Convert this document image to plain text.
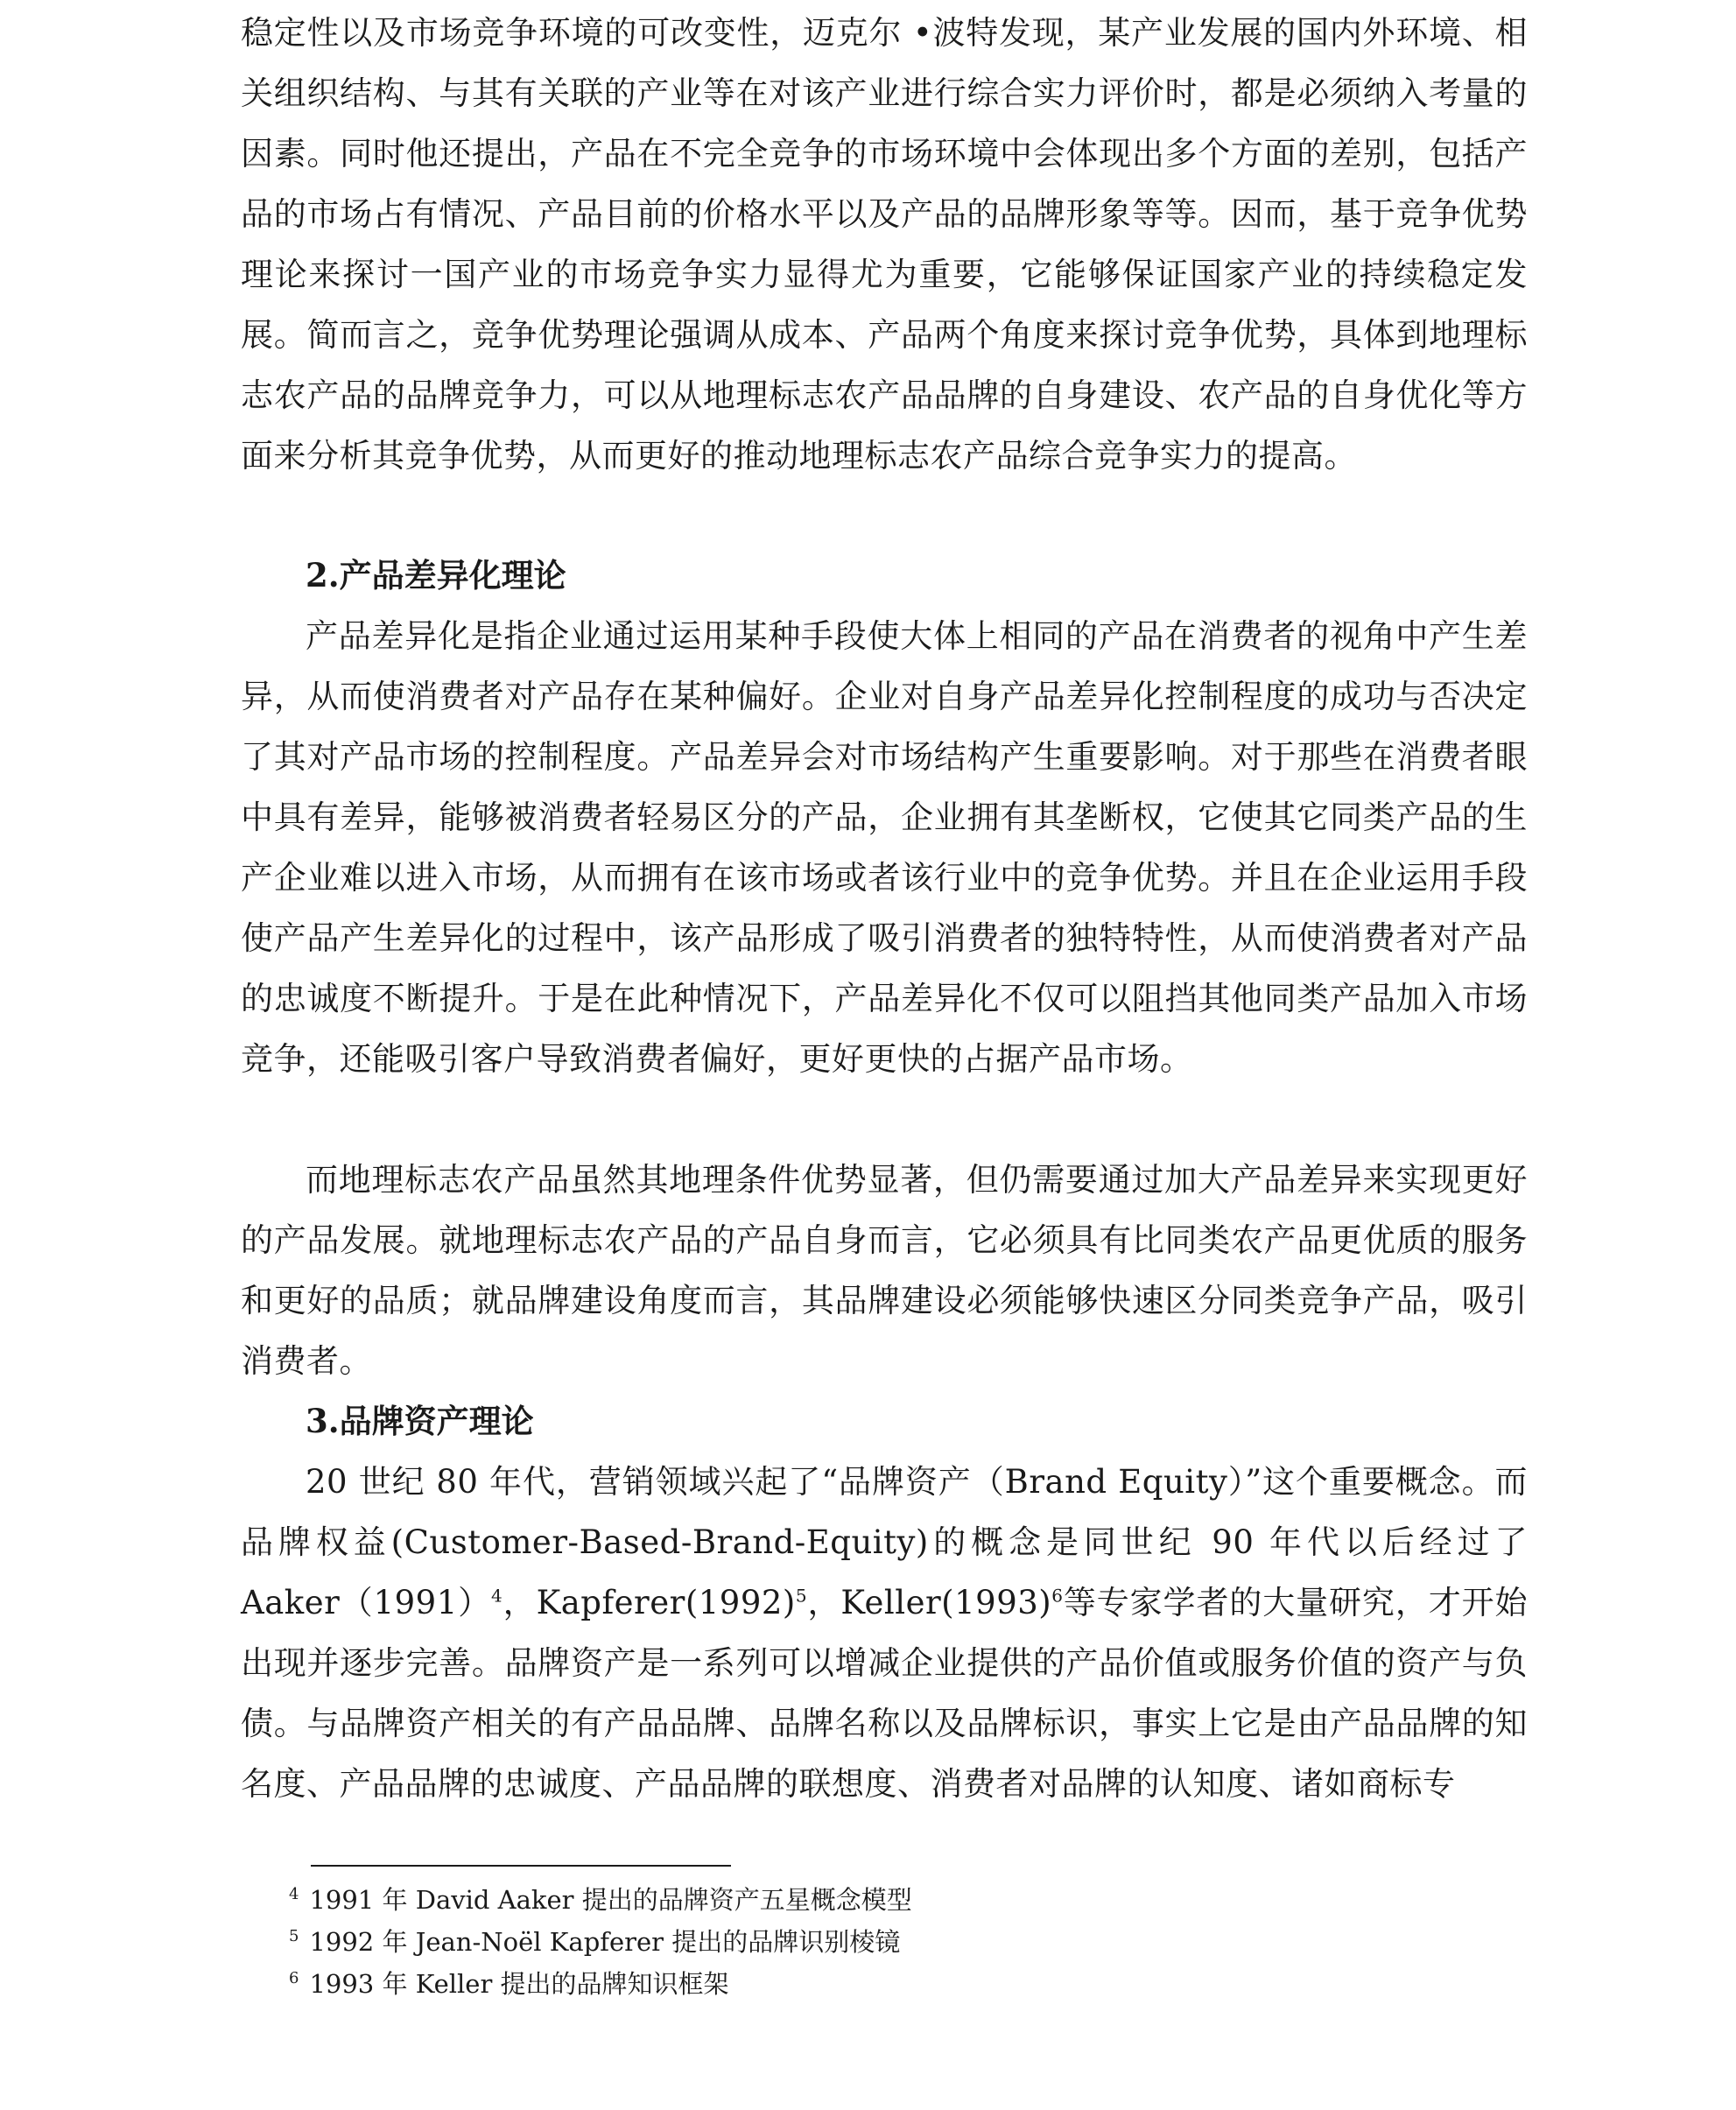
稳定性以及市场竞争环境的可改变性，迈克尔 •波特发现，某产业发展的国内外环境、相关组织结构、与其有关联的产业等在对该产业进行综合实力评价时，都是必须纳入考量的因素。同时他还提出，产品在不完全竞争的市场环境中会体现出多个方面的差别，包括产品的市场占有情况、产品目前的价格水平以及产品的品牌形象等等。因而，基于竞争优势理论来探讨一国产业的市场竞争实力显得尤为重要，它能够保证国家产业的持续稳定发展。简而言之，竞争优势理论强调从成本、产品两个角度来探讨竞争优势，具体到地理标志农产品的品牌竞争力，可以从地理标志农产品品牌的自身建设、农产品的自身优化等方面来分析其竞争优势，从而更好的推动地理标志农产品综合竞争实力的提高。

2.产品差异化理论

产品差异化是指企业通过运用某种手段使大体上相同的产品在消费者的视角中产生差异，从而使消费者对产品存在某种偏好。企业对自身产品差异化控制程度的成功与否决定了其对产品市场的控制程度。产品差异会对市场结构产生重要影响。对于那些在消费者眼中具有差异，能够被消费者轻易区分的产品，企业拥有其垄断权，它使其它同类产品的生产企业难以进入市场，从而拥有在该市场或者该行业中的竞争优势。并且在企业运用手段使产品产生差异化的过程中，该产品形成了吸引消费者的独特特性，从而使消费者对产品的忠诚度不断提升。于是在此种情况下，产品差异化不仅可以阻挡其他同类产品加入市场竞争，还能吸引客户导致消费者偏好，更好更快的占据产品市场。

而地理标志农产品虽然其地理条件优势显著，但仍需要通过加大产品差异来实现更好的产品发展。就地理标志农产品的产品自身而言，它必须具有比同类农产品更优质的服务和更好的品质；就品牌建设角度而言，其品牌建设必须能够快速区分同类竞争产品，吸引消费者。

3.品牌资产理论

20 世纪 80 年代，营销领域兴起了“品牌资产（Brand Equity）”这个重要概念。而品牌权益(Customer-Based-Brand-Equity)的概念是同世纪 90 年代以后经过了 $Aaker(1991)^4$，$Kapferer(1992)^5$，$Keller(1993)^6$等专家学者的大量研究，才开始出现并逐步完善。品牌资产是一系列可以增减企业提供的产品价值或服务价值的资产与负债。与品牌资产相关的有产品品牌、品牌名称以及品牌标识，事实上它是由产品品牌的知名度、产品品牌的忠诚度、产品品牌的联想度、消费者对品牌的认知度、诸如商标专

$^4$ 1991 年 David Aaker 提出的品牌资产五星概念模型

$^5$ 1992 年 Jean-Noël Kapferer 提出的品牌识别棱镜

$^6$ 1993 年 Keller 提出的品牌知识框架
